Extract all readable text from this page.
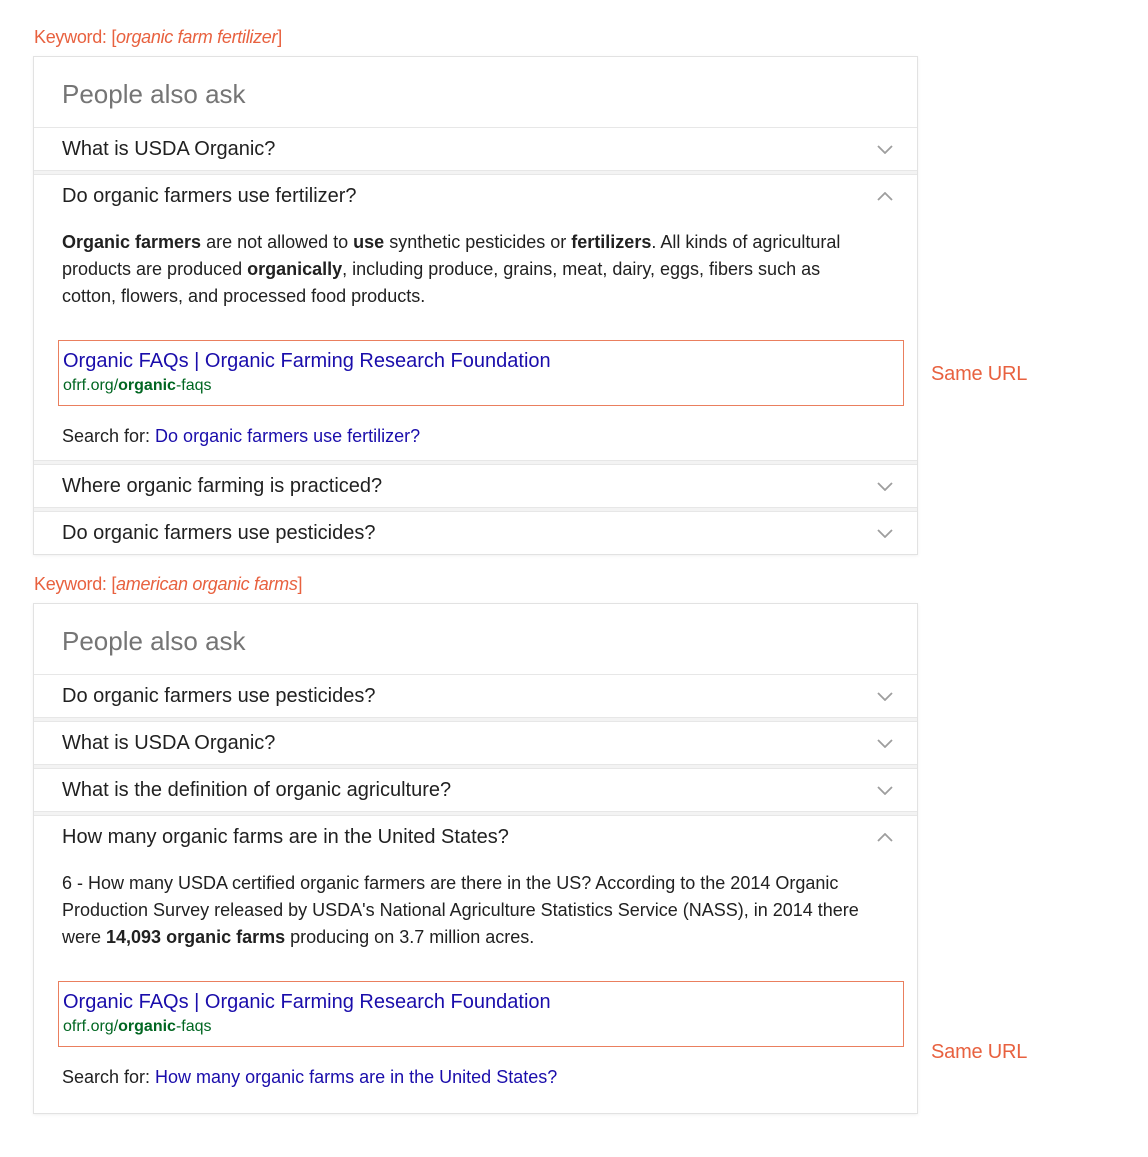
Keyword: [organic farm fertilizer]
People also ask
What is USDA Organic?
Do organic farmers use fertilizer?
Organic farmers are not allowed to use synthetic pesticides or fertilizers. All kinds of agricultural products are produced organically, including produce, grains, meat, dairy, eggs, fibers such as cotton, flowers, and processed food products.
Organic FAQs | Organic Farming Research Foundation
ofrf.org/organic-faqs
Search for: Do organic farmers use fertilizer?
Where organic farming is practiced?
Do organic farmers use pesticides?
Keyword: [american organic farms]
People also ask
Do organic farmers use pesticides?
What is USDA Organic?
What is the definition of organic agriculture?
How many organic farms are in the United States?
6 - How many USDA certified organic farmers are there in the US? According to the 2014 Organic Production Survey released by USDA's National Agriculture Statistics Service (NASS), in 2014 there were 14,093 organic farms producing on 3.7 million acres.
Organic FAQs | Organic Farming Research Foundation
ofrf.org/organic-faqs
Search for: How many organic farms are in the United States?
Same URL
Same URL
